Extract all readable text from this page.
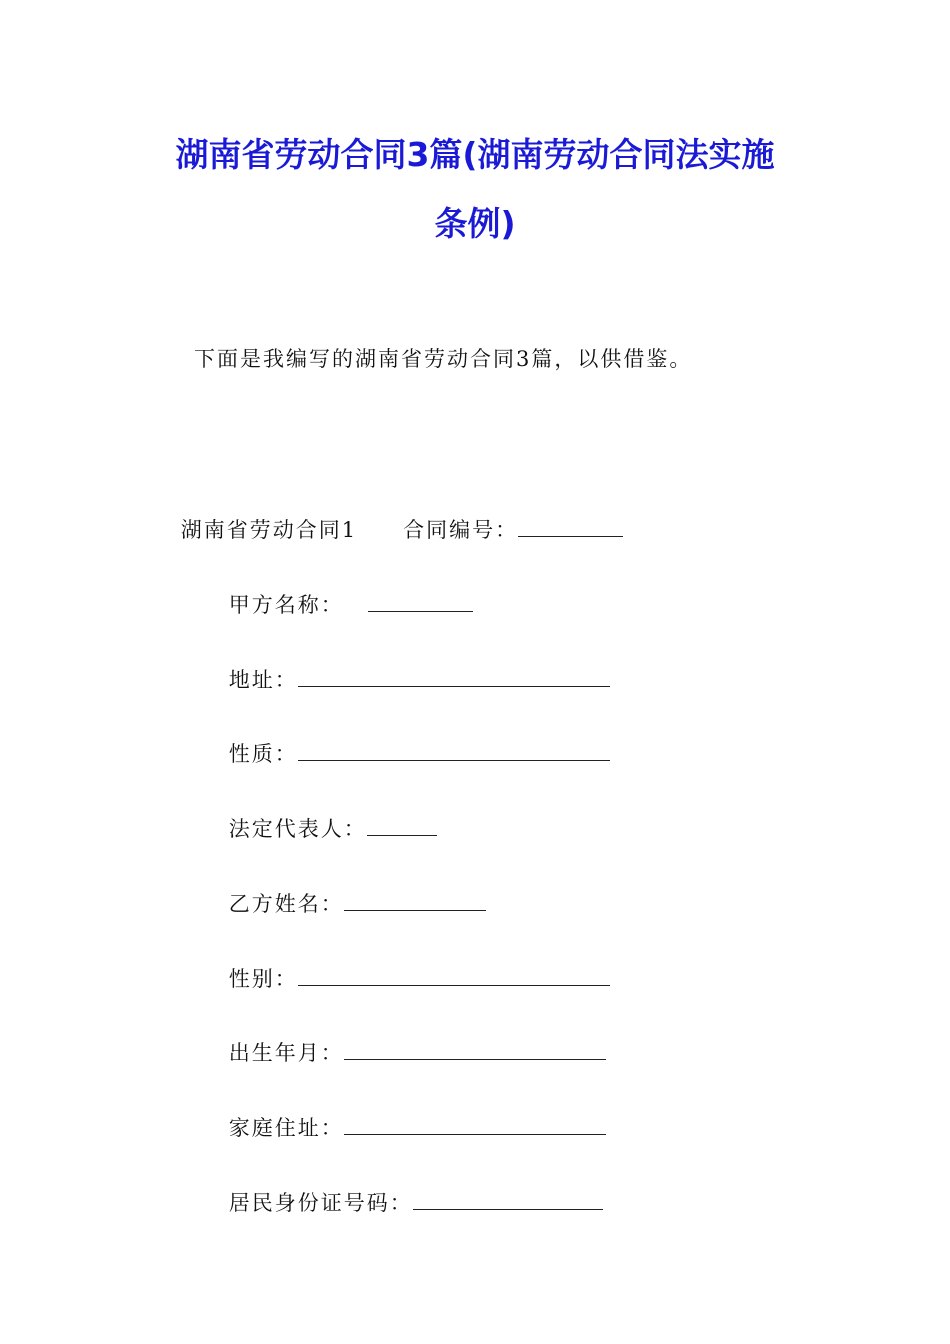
湖南省劳动合同3篇(湖南劳动合同法实施
条例)
下面是我编写的湖南省劳动合同3篇，以供借鉴。

湖南省劳动合同1 合同编号：

甲方名称：

地址：

性质：

法定代表人：

乙方姓名：

性别：

出生年月：

家庭住址：

居民身份证号码：
